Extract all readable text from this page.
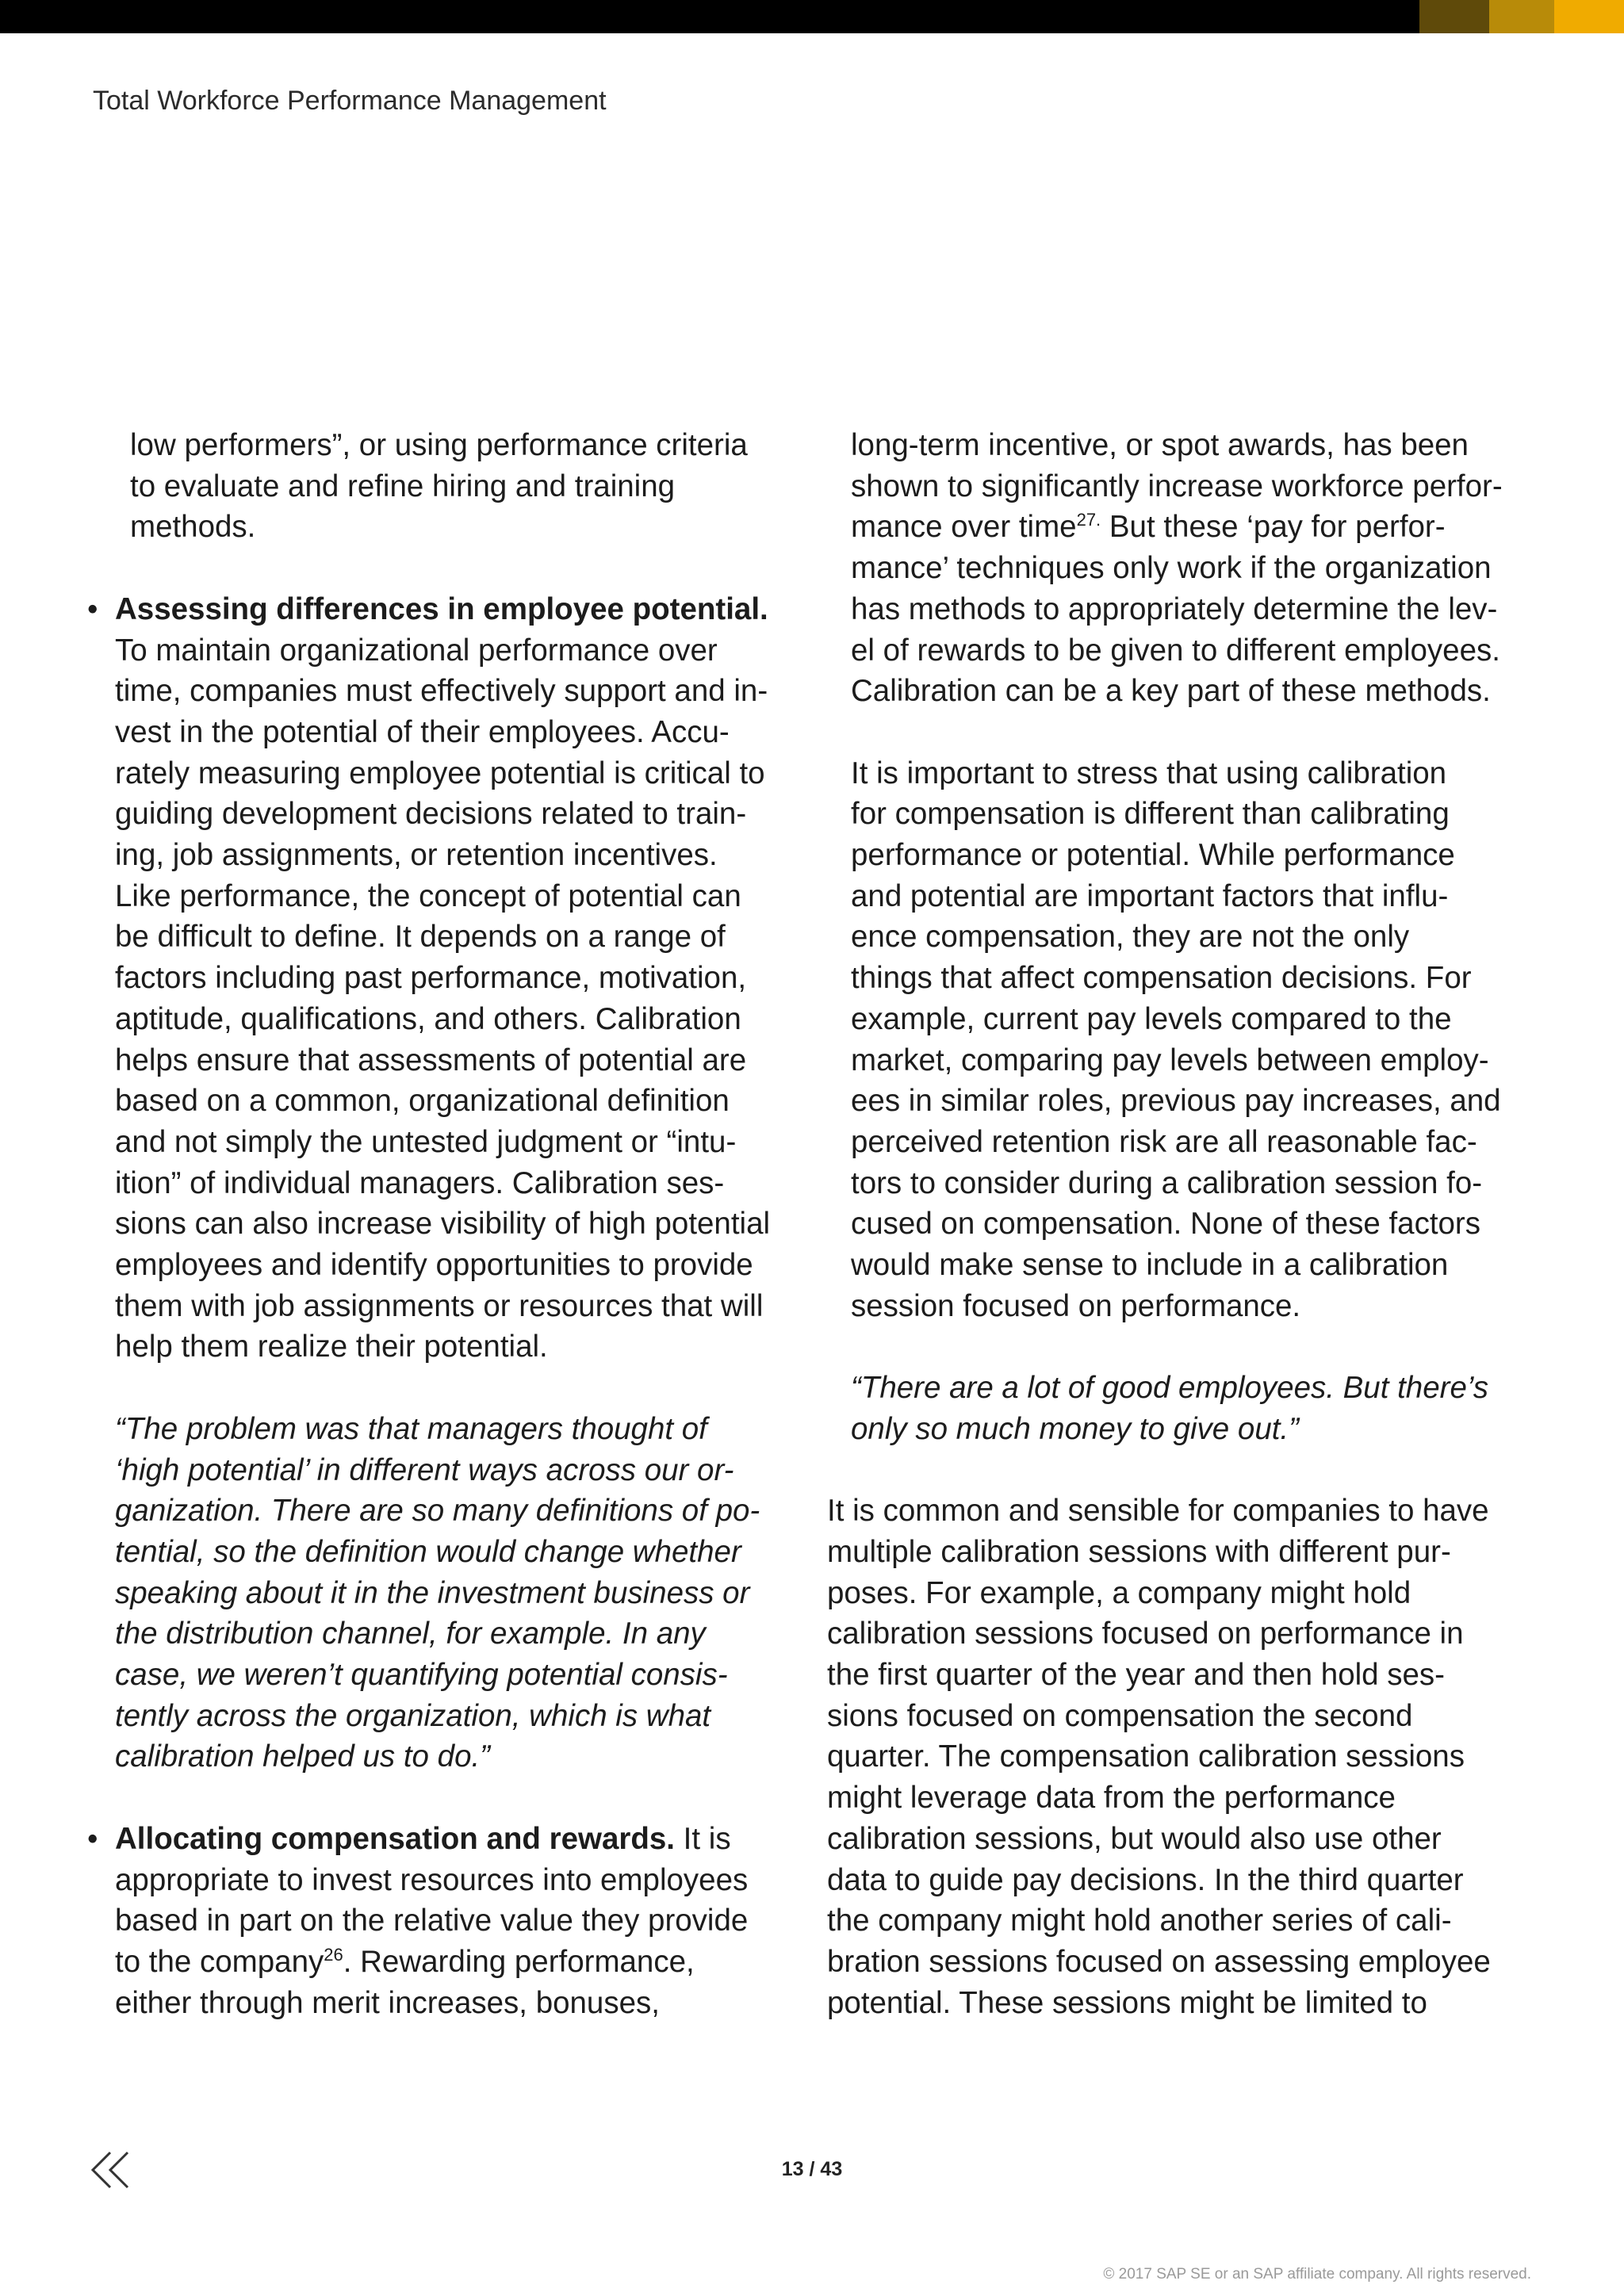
Total Workforce Performance Management

low performers”, or using performance criteria

to evaluate and refine hiring and training

methods.

• Assessing differences in employee potential.

To maintain organizational performance over

time, companies must effectively support and in-

vest in the potential of their employees. Accu-

rately measuring employee potential is critical to

guiding development decisions related to train-

ing, job assignments, or retention incentives.

Like performance, the concept of potential can

be difficult to define. It depends on a range of

factors including past performance, motivation,

aptitude, qualifications, and others. Calibration

helps ensure that assessments of potential are

based on a common, organizational definition

and not simply the untested judgment or “intu-

ition” of individual managers. Calibration ses-

sions can also increase visibility of high potential

employees and identify opportunities to provide

them with job assignments or resources that will

help them realize their potential.

“The problem was that managers thought of

‘high potential’ in different ways across our or-

ganization. There are so many definitions of po-

tential, so the definition would change whether

speaking about it in the investment business or

the distribution channel, for example. In any

case, we weren’t quantifying potential consis-

tently across the organization, which is what

calibration helped us to do.”

• Allocating compensation and rewards. It is

appropriate to invest resources into employees

based in part on the relative value they provide

to the company$^{26}$. Rewarding performance,

either through merit increases, bonuses,

long-term incentive, or spot awards, has been

shown to significantly increase workforce perfor-

mance over time$^{27.}$ But these ‘pay for perfor-

mance’ techniques only work if the organization

has methods to appropriately determine the lev-

el of rewards to be given to different employees.

Calibration can be a key part of these methods.

It is important to stress that using calibration

for compensation is different than calibrating

performance or potential. While performance

and potential are important factors that influ-

ence compensation, they are not the only

things that affect compensation decisions. For

example, current pay levels compared to the

market, comparing pay levels between employ-

ees in similar roles, previous pay increases, and

perceived retention risk are all reasonable fac-

tors to consider during a calibration session fo-

cused on compensation. None of these factors

would make sense to include in a calibration

session focused on performance.

“There are a lot of good employees. But there’s

only so much money to give out.”

It is common and sensible for companies to have

multiple calibration sessions with different pur-

poses. For example, a company might hold

calibration sessions focused on performance in

the first quarter of the year and then hold ses-

sions focused on compensation the second

quarter. The compensation calibration sessions

might leverage data from the performance

calibration sessions, but would also use other

data to guide pay decisions. In the third quarter

the company might hold another series of cali-

bration sessions focused on assessing employee

potential. These sessions might be limited to

13 / 43
© 2017 SAP SE or an SAP affiliate company. All rights reserved.
